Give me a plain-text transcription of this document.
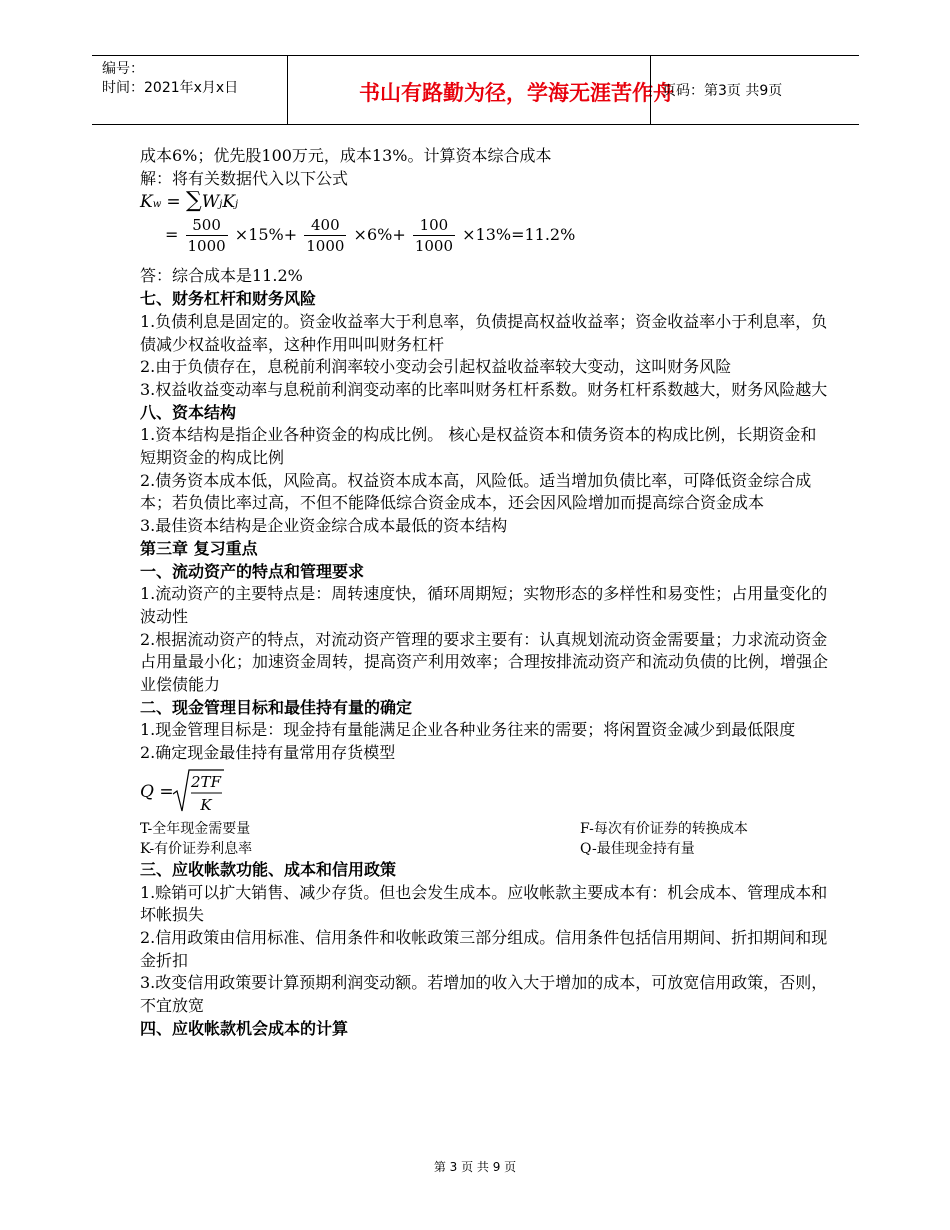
编号：
时间：2021年x月x日	书山有路勤为径，学海无涯苦作舟
页码：第3页 共9页

成本6%；优先股100万元，成本13%。计算资本综合成本

解：将有关数据代入以下公式

Kw = ∑WjKj
= $\frac{500}{1000} \times 15\%+ \frac{400}{1000} \times 6\%+ \frac{100}{1000} \times 13\%=11.2\%$

答：综合成本是11.2%

七、财务杠杆和财务风险

1.负债利息是固定的。资金收益率大于利息率，负债提高权益收益率；资金收益率小于利息率，负债减少权益收益率，这种作用叫叫财务杠杆

2.由于负债存在，息税前利润率较小变动会引起权益收益率较大变动，这叫财务风险

3.权益收益变动率与息税前利润变动率的比率叫财务杠杆系数。财务杠杆系数越大，财务风险越大

八、资本结构

1.资本结构是指企业各种资金的构成比例。 核心是权益资本和债务资本的构成比例，长期资金和短期资金的构成比例

2.债务资本成本低，风险高。权益资本成本高，风险低。适当增加负债比率，可降低资金综合成本；若负债比率过高，不但不能降低综合资金成本，还会因风险增加而提高综合资金成本

3.最佳资本结构是企业资金综合成本最低的资本结构

第三章 复习重点

一、流动资产的特点和管理要求

1.流动资产的主要特点是：周转速度快，循环周期短；实物形态的多样性和易变性；占用量变化的波动性

2.根据流动资产的特点，对流动资产管理的要求主要有：认真规划流动资金需要量；力求流动资金占用量最小化；加速资金周转，提高资产利用效率；合理按排流动资产和流动负债的比例，增强企业偿债能力

二、现金管理目标和最佳持有量的确定

1.现金管理目标是：现金持有量能满足企业各种业务往来的需要；将闲置资金减少到最低限度

2.确定现金最佳持有量常用存货模型

Q = 2TF
K
T-全年现金需要量	F-每次有价证券的转换成本
K-有价证券利息率	Q-最佳现金持有量

三、应收帐款功能、成本和信用政策

1.赊销可以扩大销售、减少存货。但也会发生成本。应收帐款主要成本有：机会成本、管理成本和坏帐损失

2.信用政策由信用标准、信用条件和收帐政策三部分组成。信用条件包括信用期间、折扣期间和现金折扣

3.改变信用政策要计算预期利润变动额。若增加的收入大于增加的成本，可放宽信用政策，否则，不宜放宽

四、应收帐款机会成本的计算

第 3 页 共 9 页
